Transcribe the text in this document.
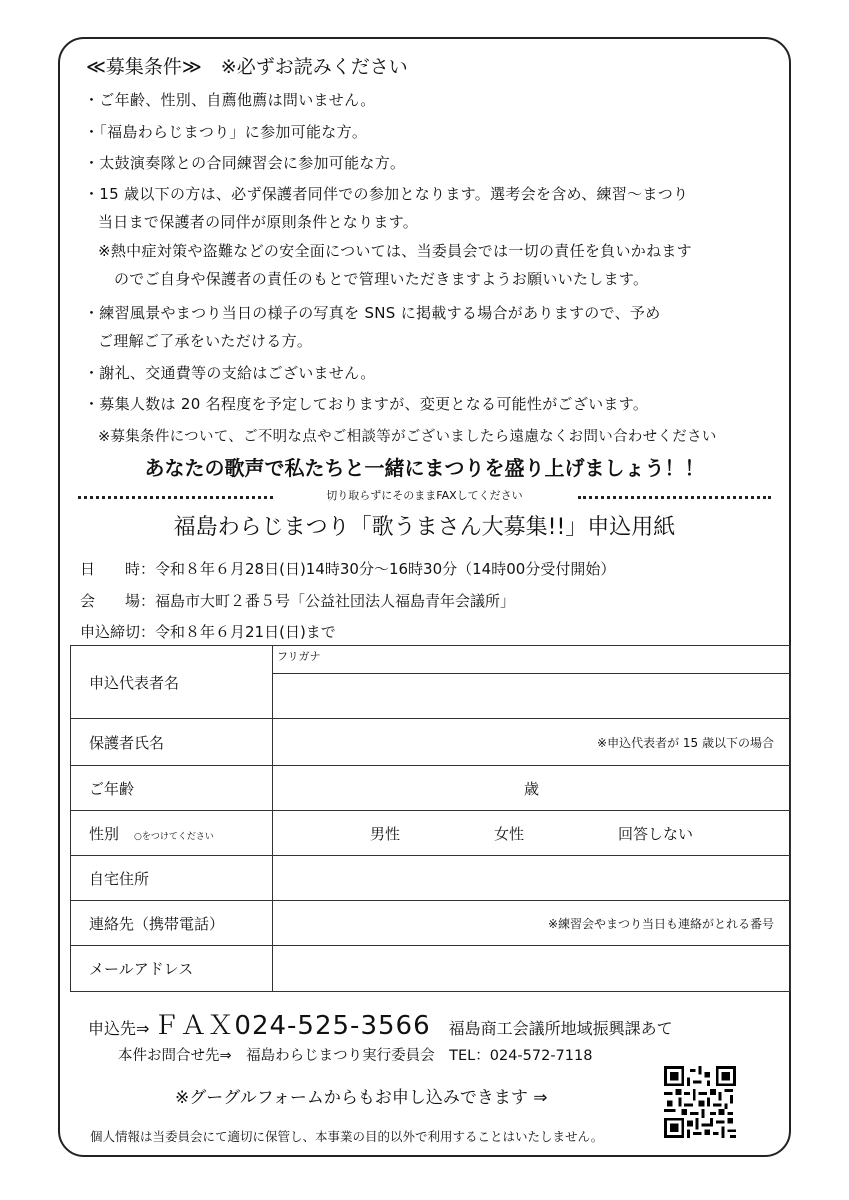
≪募集条件≫　※必ずお読みください
・ご年齢、性別、自薦他薦は問いません。
・「福島わらじまつり」に参加可能な方。
・太鼓演奏隊との合同練習会に参加可能な方。
・15 歳以下の方は、必ず保護者同伴での参加となります。選考会を含め、練習～まつり
当日まで保護者の同伴が原則条件となります。
※熱中症対策や盗難などの安全面については、当委員会では一切の責任を負いかねます
のでご自身や保護者の責任のもとで管理いただきますようお願いいたします。
・練習風景やまつり当日の様子の写真を SNS に掲載する場合がありますので、予め
ご理解ご了承をいただける方。
・謝礼、交通費等の支給はございません。
・募集人数は 20 名程度を予定しておりますが、変更となる可能性がございます。
※募集条件について、ご不明な点やご相談等がございましたら遠慮なくお問い合わせください
あなたの歌声で私たちと一緒にまつりを盛り上げましょう！！
切り取らずにそのままFAXしてください
福島わらじまつり「歌うまさん大募集!!」申込用紙
日　　時：令和８年６月28日(日)14時30分～16時30分（14時00分受付開始）
会　　場：福島市大町２番５号「公益社団法人福島青年会議所」
申込締切：令和８年６月21日(日)まで
申込代表者名	フリガナ

保護者氏名	※申込代表者が 15 歳以下の場合

ご年齢	歳
性別　 ○をつけてください	男性 女性 回答しない

自宅住所	
連絡先（携帯電話）	※練習会やまつり当日も連絡がとれる番号

メールアドレス	
申込先⇒ ＦＡＸ024-525-3566 福島商工会議所地域振興課あて
本件お問合せ先⇒　福島わらじまつり実行委員会　TEL：024-572-7118
※グーグルフォームからもお申し込みできます ⇒
個人情報は当委員会にて適切に保管し、本事業の目的以外で利用することはいたしません。
